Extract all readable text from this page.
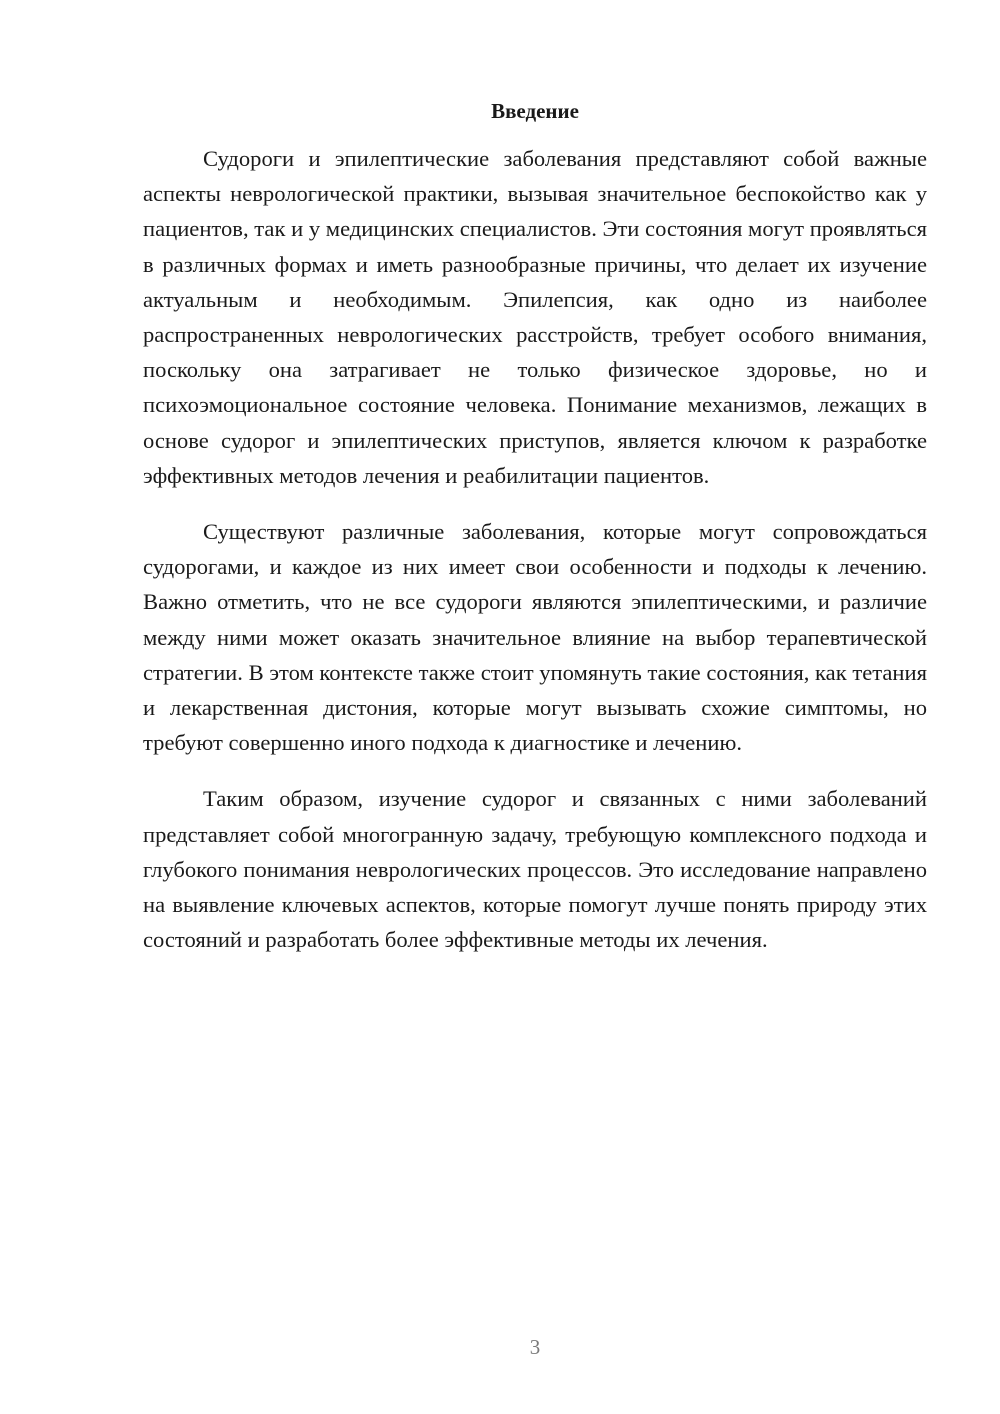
Введение

Судороги и эпилептические заболевания представляют собой важные аспекты неврологической практики, вызывая значительное беспокойство как у пациентов, так и у медицинских специалистов. Эти состояния могут проявляться в различных формах и иметь разнообразные причины, что делает их изучение актуальным и необходимым. Эпилепсия, как одно из наиболее распространенных неврологических расстройств, требует особого внимания, поскольку она затрагивает не только физическое здоровье, но и психоэмоциональное состояние человека. Понимание механизмов, лежащих в основе судорог и эпилептических приступов, является ключом к разработке эффективных методов лечения и реабилитации пациентов.

Существуют различные заболевания, которые могут сопровождаться судорогами, и каждое из них имеет свои особенности и подходы к лечению. Важно отметить, что не все судороги являются эпилептическими, и различие между ними может оказать значительное влияние на выбор терапевтической стратегии. В этом контексте также стоит упомянуть такие состояния, как тетания и лекарственная дистония, которые могут вызывать схожие симптомы, но требуют совершенно иного подхода к диагностике и лечению.

Таким образом, изучение судорог и связанных с ними заболеваний представляет собой многогранную задачу, требующую комплексного подхода и глубокого понимания неврологических процессов. Это исследование направлено на выявление ключевых аспектов, которые помогут лучше понять природу этих состояний и разработать более эффективные методы их лечения.

3
